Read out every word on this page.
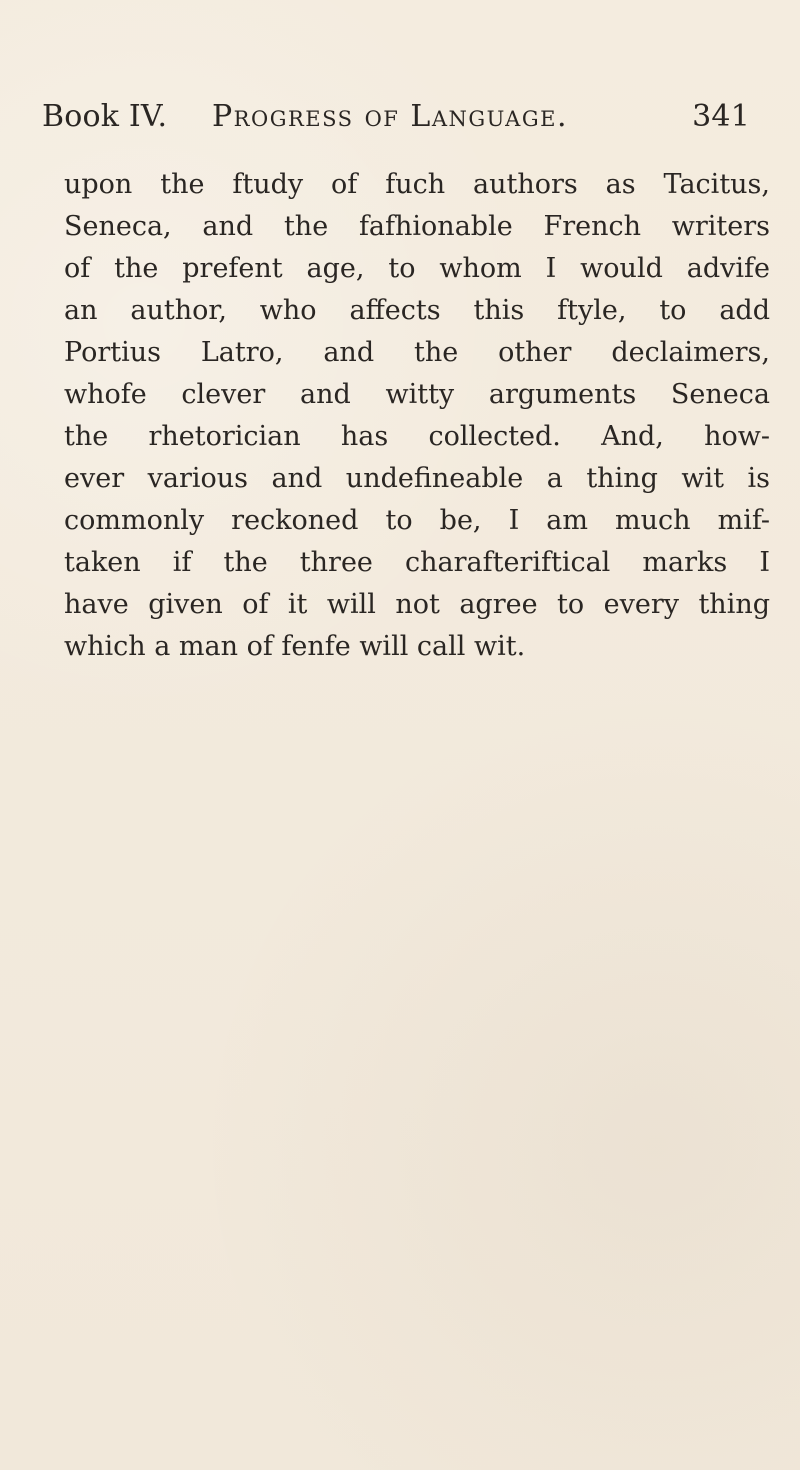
Book IV. Progress of Language.	341
upon the ftudy of fuch authors as Tacitus,
Seneca, and the fafhionable French writers
of the prefent age, to whom I would advife
an author, who affects this ftyle, to add
Portius Latro, and the other declaimers,
whofe clever and witty arguments Seneca
the rhetorician has collected. And, how-
ever various and undefineable a thing wit is
commonly reckoned to be, I am much mif-
taken if the three charafteriftical marks I
have given of it will not agree to every thing
which a man of fenfe will call wit.
